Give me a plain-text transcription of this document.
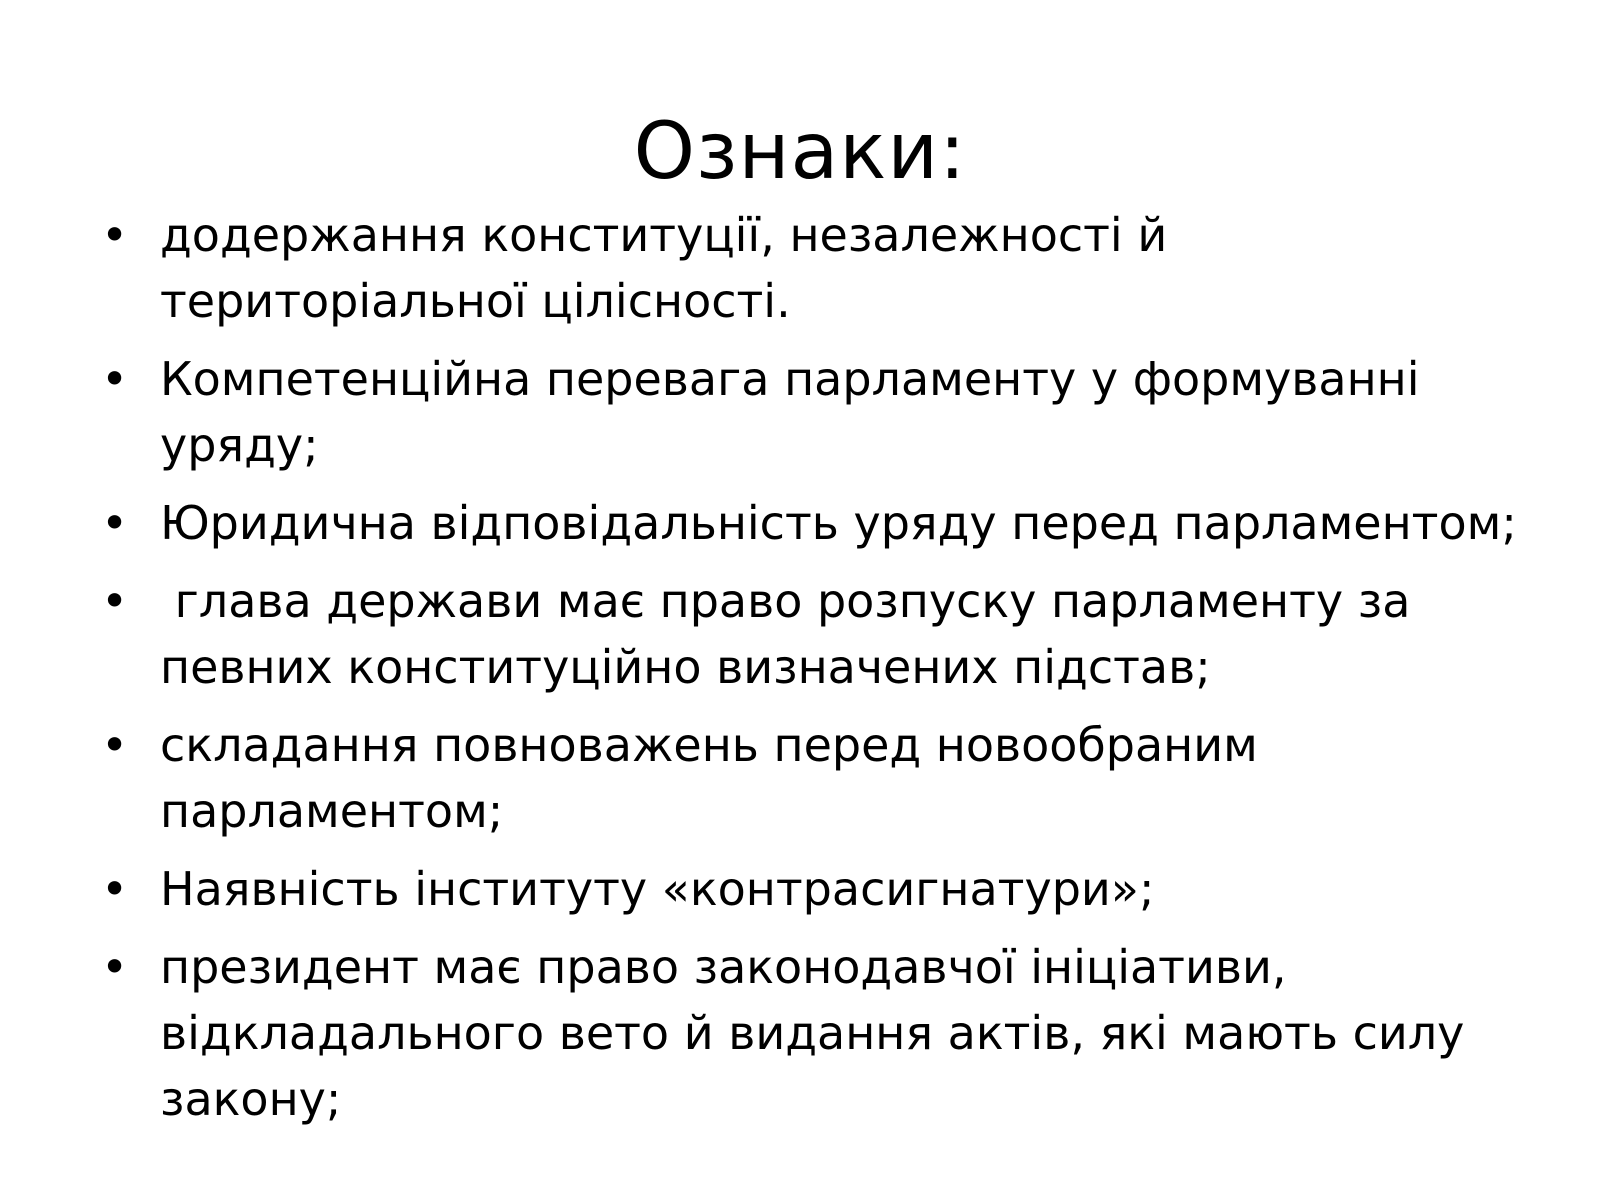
Ознаки:
• додержання конституції, незалежності й територіальної цілісності.
• Компетенційна перевага парламенту у формуванні уряду;
• Юридична відповідальність уряду перед парламентом;
• глава держави має право розпуску парламенту за певних конституційно визначених підстав;
• складання повноважень перед новообраним парламентом;
• Наявність інституту «контрасигнатури»;
• президент має право законодавчої ініціативи, відкладального вето й видання актів, які мають силу закону;
